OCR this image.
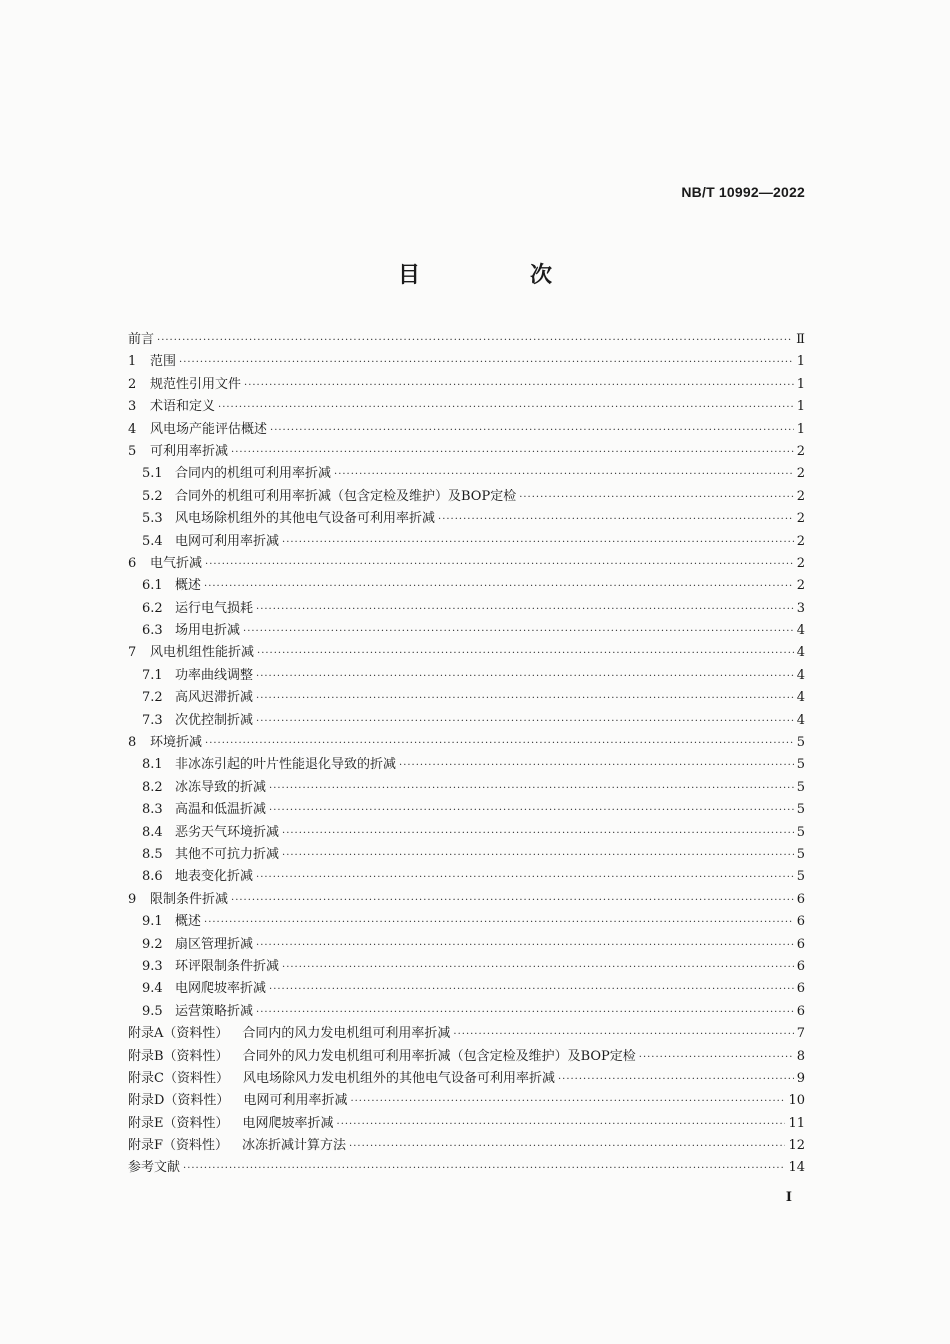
NB/T 10992—2022
目　次
前言 ·····	Ⅱ
1	范围 ·····	1
2	规范性引用文件 ·····	1
3	术语和定义 ·····	1
4	风电场产能评估概述 ·····	1
5	可利用率折减 ·····	2
5.1 合同内的机组可利用率折减 ·····	2
5.2 合同外的机组可利用率折减（包含定检及维护）及BOP定检 ·····	2
5.3 风电场除机组外的其他电气设备可利用率折减 ·····	2
5.4 电网可利用率折减 ·····	2
6	电气折减 ·····	2
6.1 概述 ·····	2
6.2 运行电气损耗 ·····	3
6.3 场用电折减 ·····	4
7	风电机组性能折减 ·····	4
7.1 功率曲线调整 ·····	4
7.2 高风迟滞折减 ·····	4
7.3 次优控制折减 ·····	4
8	环境折减 ·····	5
8.1 非冰冻引起的叶片性能退化导致的折减 ·····	5
8.2 冰冻导致的折减 ·····	5
8.3 高温和低温折减 ·····	5
8.4 恶劣天气环境折减 ·····	5
8.5 其他不可抗力折减 ·····	5
8.6 地表变化折减 ·····	5
9	限制条件折减 ·····	6
9.1 概述 ·····	6
9.2 扇区管理折减 ·····	6
9.3 环评限制条件折减 ·····	6
9.4 电网爬坡率折减 ·····	6
9.5 运营策略折减 ·····	6
附录A（资料性）	合同内的风力发电机组可利用率折减 ·····	7
附录B（资料性）	合同外的风力发电机组可利用率折减（包含定检及维护）及BOP定检 ·····	8
附录C（资料性）	风电场除风力发电机组外的其他电气设备可利用率折减 ·····	9
附录D（资料性）	电网可利用率折减 ·····	10
附录E（资料性）	电网爬坡率折减 ·····	11
附录F（资料性）	冰冻折减计算方法 ·····	12
参考文献 ·····	14
I
